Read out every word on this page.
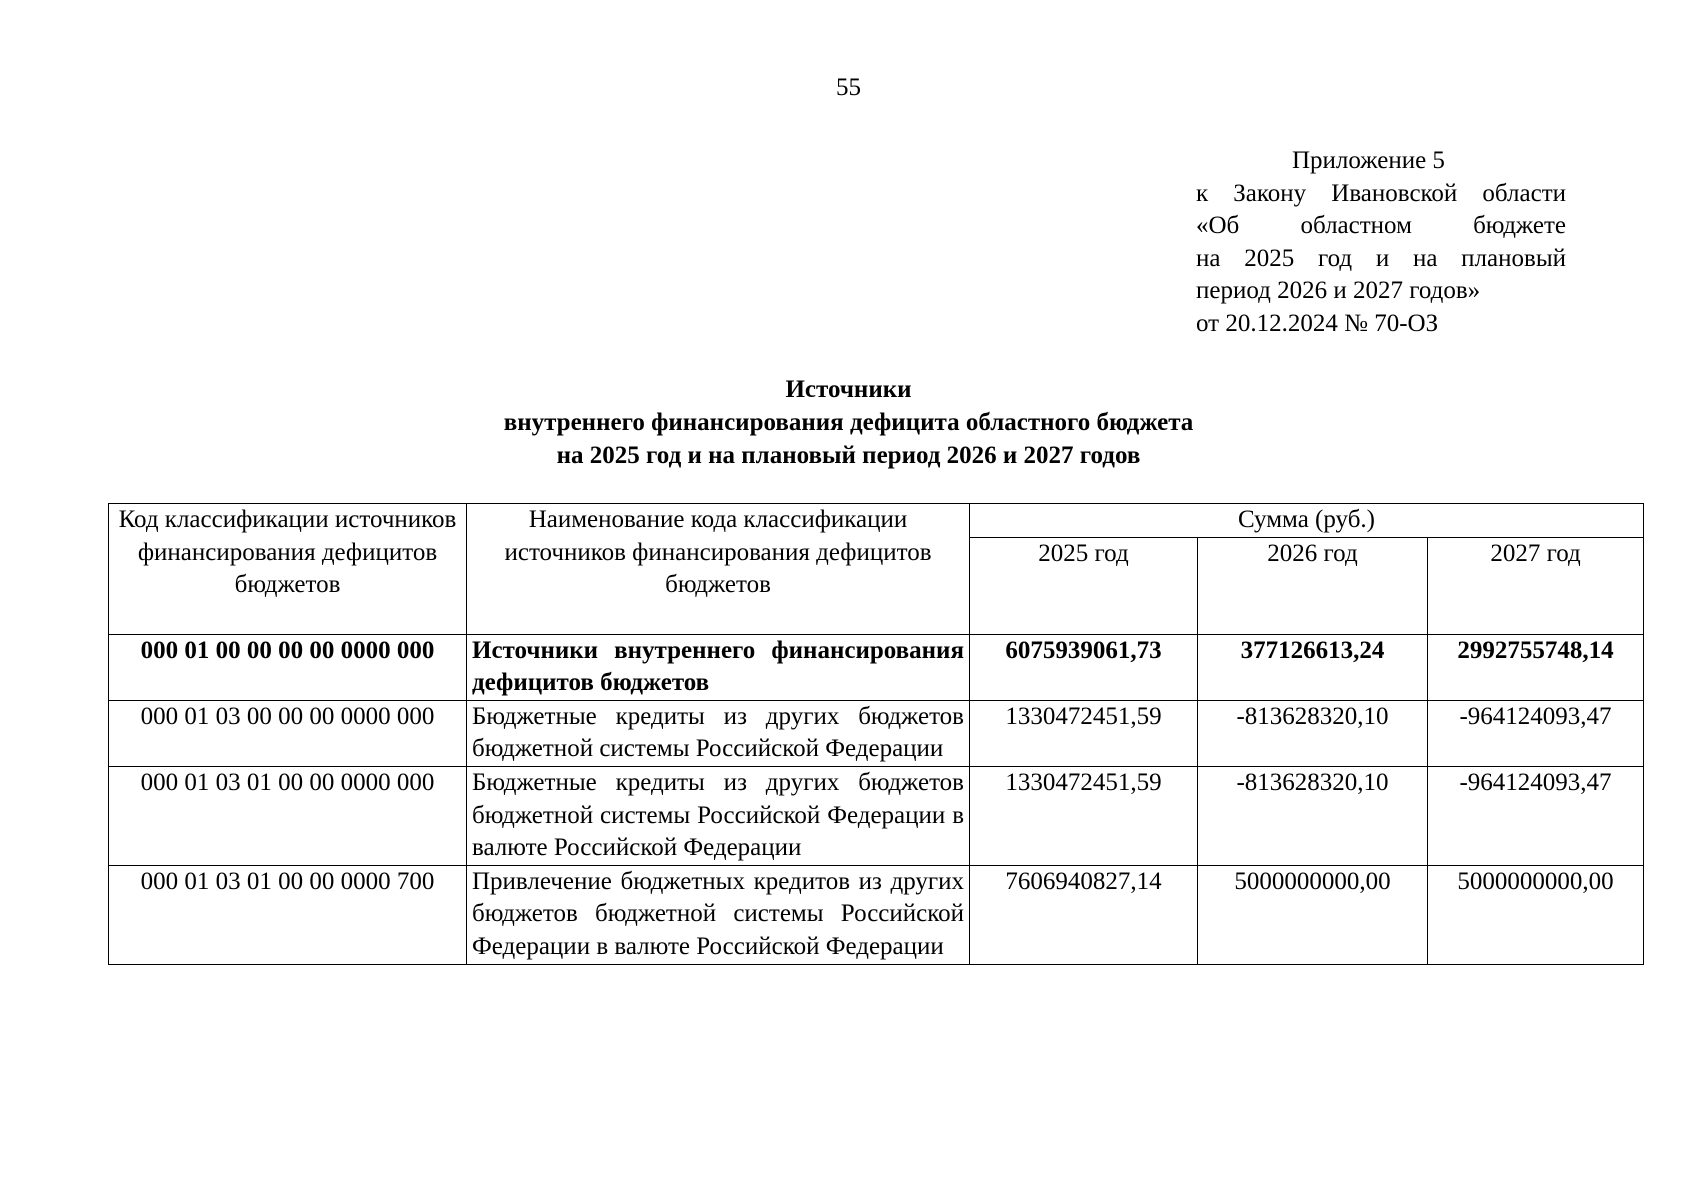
55
Приложение 5
к Закону Ивановской области
«Об областном бюджете
на 2025 год и на плановый
период 2026 и 2027 годов»
от 20.12.2024 № 70-ОЗ
Источники
внутреннего финансирования дефицита областного бюджета
на 2025 год и на плановый период 2026 и 2027 годов
Код классификации источников финансирования дефицитов бюджетов	Наименование кода классификации источников финансирования дефицитов бюджетов	Сумма (руб.)		
		2025 год	2026 год	2027 год
000 01 00 00 00 00 0000 000	Источники внутреннего финансирования дефицитов бюджетов	6075939061,73	377126613,24	2992755748,14
000 01 03 00 00 00 0000 000	Бюджетные кредиты из других бюджетов бюджетной системы Российской Федерации	1330472451,59	-813628320,10	-964124093,47
000 01 03 01 00 00 0000 000	Бюджетные кредиты из других бюджетов бюджетной системы Российской Федерации в валюте Российской Федерации	1330472451,59	-813628320,10	-964124093,47
000 01 03 01 00 00 0000 700	Привлечение бюджетных кредитов из других бюджетов бюджетной системы Российской Федерации в валюте Российской Федерации	7606940827,14	5000000000,00	5000000000,00
